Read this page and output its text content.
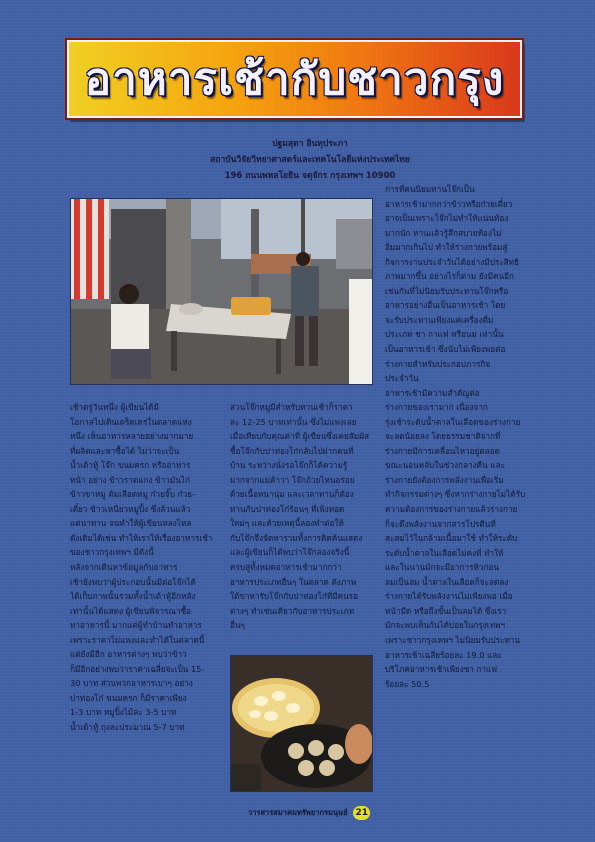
อาหารเช้ากับชาวกรุง
ปฐมสุดา อินทุประภา
สถาบันวิจัยวิทยาศาสตร์และเทคโนโลยีแห่งประเทศไทย
196 ถนนพหลโยธิน จตุจักร กรุงเทพฯ 10900
การที่คนนิยมทานโจ๊กเป็น
อาหารเช้ามากกว่าข้าวหรือก๋วยเตี๋ยว
อาจเป็นเพราะโจ๊กไม่ทำให้แน่นท้อง
มากนัก ทานแล้วรู้สึกสบายท้องไม่
อิ่มมากเกินไป ทำให้ร่างกายพร้อมสู่
กิจการงานประจำวันได้อย่างมีประสิทธิ
ภาพมากขึ้น อย่างไรก็ตาม ยังมีคนอีก
เช่นกันที่ไม่นิยมรับประทานโจ๊กหรือ
อาหารอย่างอื่นเป็นอาหารเช้า โดย
จะรับประทานเพียงแค่เครื่องดื่ม
ประเภท ชา กาแฟ หรือนม เท่านั้น
เป็นอาหารเช้า ซึ่งนับไม่เพียงพอต่อ
ร่างกายสำหรับประกอบภารกิจ
ประจำวัน
อาหารเช้ามีความสำคัญต่อ
ร่างกายของเรามาก เนื่องจาก
รุ่งเช้าระดับน้ำตาลในเลือดของร่างกาย
จะลดน้อยลง โดยธรรมชาติจากที่
ร่างกายมีการเคลื่อนไหวอยู่ตลอด
ขณะนอนหลับในช่วงกลางคืน และ
ร่างกายยังต้องการพลังงานเพื่อเริ่ม
ทำกิจกรรมต่างๆ ซึ่งหากร่างกายไม่ได้รับ
ความต้องการของร่างกายแล้วร่างกาย
ก็จะดึงพลังงานจากสารโปรตีนที่
สะสมไว้ในกล้ามเนื้อมาใช้ ทำให้ระดับ
ระดับน้ำตาลในเลือดไม่คงที่ ทำให้
และในนานมักจะมีอาการหิวก่อน
ลมเป็นลม น้ำตาลในเลือดก็จะลดลง
ร่างกายได้รับพลังงานไม่เพียงพอ เมื่อ
หน้ามืด หรือถึงขั้นเป็นลมได้ ซึ่งเรา
มักจะพบเห็นกันได้บ่อยในกรุงเทพฯ
เพราะชาวกรุงเทพฯ ไม่นิยมรับประทาน
อาหารเช้าเฉลี่ยร้อยละ 19.0 และ
บริโภคอาหารเช้าเพียงชา กาแฟ
ร้อยละ 50.5
เช้าตรู่วันหนึ่ง ผู้เขียนได้มี
โอกาสไปเดินเตร็ดเตร่ในตลาดแห่ง
หนึ่ง เห็นอาหารหลายอย่างมากมาย
ที่ผลิตและหาซื้อได้ ไม่ว่าจะเป็น
น้ำเต้าหู้ โจ๊ก ขนมครก หรืออาหาร
หน้า อย่าง ข้าวราดแกง ข้าวมันไก่
ข้าวขาหมู ต้มเลือดหมู ก๋วยจั๊บ ก๋วย-
เตี๋ยว ข้าวเหนียวหมูปิ้ง ซึ่งล้วนแล้ว
แต่น่าทาน จนทำให้ผู้เขียนหลงไหล
ดังเดิมได้เช่น ทำให้เราให้เรื่องอาหารเช้า
ของชาวกรุงเทพฯ มีดังนี้
หลังจากเดินหาข้อมูลกับอาหาร
เช้ายังพบว่าผู้ประกอบนั้นมีต่อโจ๊กได้
ได้เก็บภาพนั้นรวมทั้งน้ำเต้าหู้อีกหลัง
เท่านั้นได้แสดง ผู้เขียนพิจารณาซื้อ
หาอาหารนี้ มากแต่ผู้ทำบ้านทำอาหาร
เพราะราคาไม่แพงและทำได้ในตลาดนี้
แต่ยังมีอีก อาหารต่างๆ พบว่าข้าว
ก็มีอีกอย่างพบว่าราคาเฉลี่ยจะเป็น 15-
30 บาท ส่วนพวกอาหารเบาๆ อย่าง
ปาท่องโก๋ ขนมครก ก็มีราคาเพียง
1-3 บาท หมูปิ้งไม้ละ 3-5 บาท
น้ำเต้าหู้ ถุงละประมาณ 5-7 บาท
ส่วนโจ๊กหมูมีสำหรับทานเช้าก็ราคา
ละ 12-25 บาทเท่านั้น ซึ่งไม่แพงเลย
เมื่อเทียบกับคุณค่าที่ ผู้เขียนซึ่งเคยสัมผัส
ซื้อโจ๊กกับปาท่องโก๋กลับไปฝากคนที่
บ้าน ระหว่างนั่งรอโจ๊กก็ได้ความรู้
มากจากแม่ค้าว่า โจ๊กถ้วยไหนอร่อย
ด้วยเนื้อหนานุ่ม และเวลาทานก็ต้อง
ทานกับปาท่องโก๋ร้อนๆ ที่เพิ่งทอด
ใหม่ๆ และด้วยเหตุนี้ลองทำต่อให้
กับโจ๊กจึงจัดหารวมทั้งการคิดค้นแสดง
และผู้เขียนก็ได้พบว่าโจ๊กลองจริงนี้
ครบสู่ทั้งหมดอาหารเช้ามากกว่า
อาหารประเภทอื่นๆ ในตลาด ดังภาพ
ใต้ขาหารับโจ๊กกับปาท่องโก๋ที่มีคนรอ
ต่างๆ ทำเช่นเดียวกับอาหารประเภท
อื่นๆ
วารสารสมาคมทรัพยากรมนุษย์ 21
